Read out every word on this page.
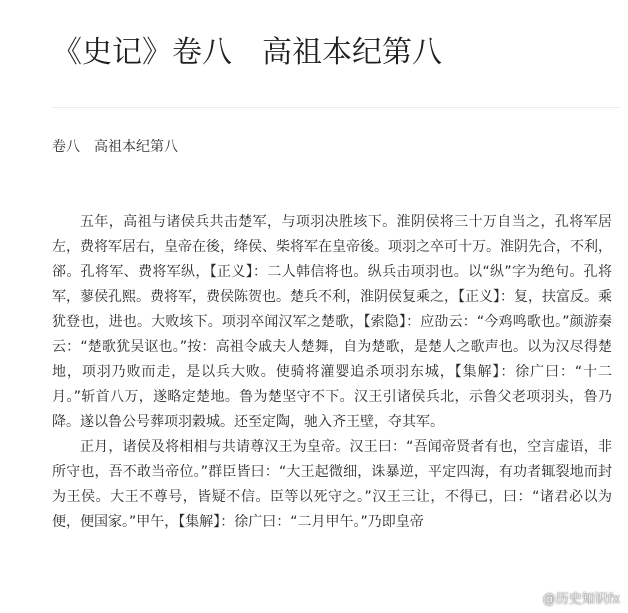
《史记》卷八　高祖本纪第八
卷八　高祖本纪第八

五年，高祖与诸侯兵共击楚军，与项羽决胜垓下。淮阴侯将三十万自当之，孔将军居左，费将军居右，皇帝在後，绛侯、柴将军在皇帝後。项羽之卒可十万。淮阴先合，不利，郤。孔将军、费将军纵，【正义】：二人韩信将也。纵兵击项羽也。以“纵”字为绝句。孔将军，蓼侯孔熙。费将军，费侯陈贺也。楚兵不利，淮阴侯复乘之，【正义】：复，扶富反。乘犹登也，进也。大败垓下。项羽卒闻汉军之楚歌，【索隐】：应劭云：“今鸡鸣歌也。”颜游秦云：“楚歌犹吴讴也。”按：高祖令戚夫人楚舞，自为楚歌，是楚人之歌声也。以为汉尽得楚地，项羽乃败而走，是以兵大败。使骑将灌婴追杀项羽东城，【集解】：徐广曰：“十二月。”斩首八万，遂略定楚地。鲁为楚坚守不下。汉王引诸侯兵北，示鲁父老项羽头，鲁乃降。遂以鲁公号葬项羽穀城。还至定陶，驰入齐王壁，夺其军。

正月，诸侯及将相相与共请尊汉王为皇帝。汉王曰：“吾闻帝贤者有也，空言虚语，非所守也，吾不敢当帝位。”群臣皆曰：“大王起微细，诛暴逆，平定四海，有功者辄裂地而封为王侯。大王不尊号，皆疑不信。臣等以死守之。”汉王三让，不得已，曰：“诸君必以为便，便国家。”甲午，【集解】：徐广曰：“二月甲午。”乃即皇帝

@历史知识fx
